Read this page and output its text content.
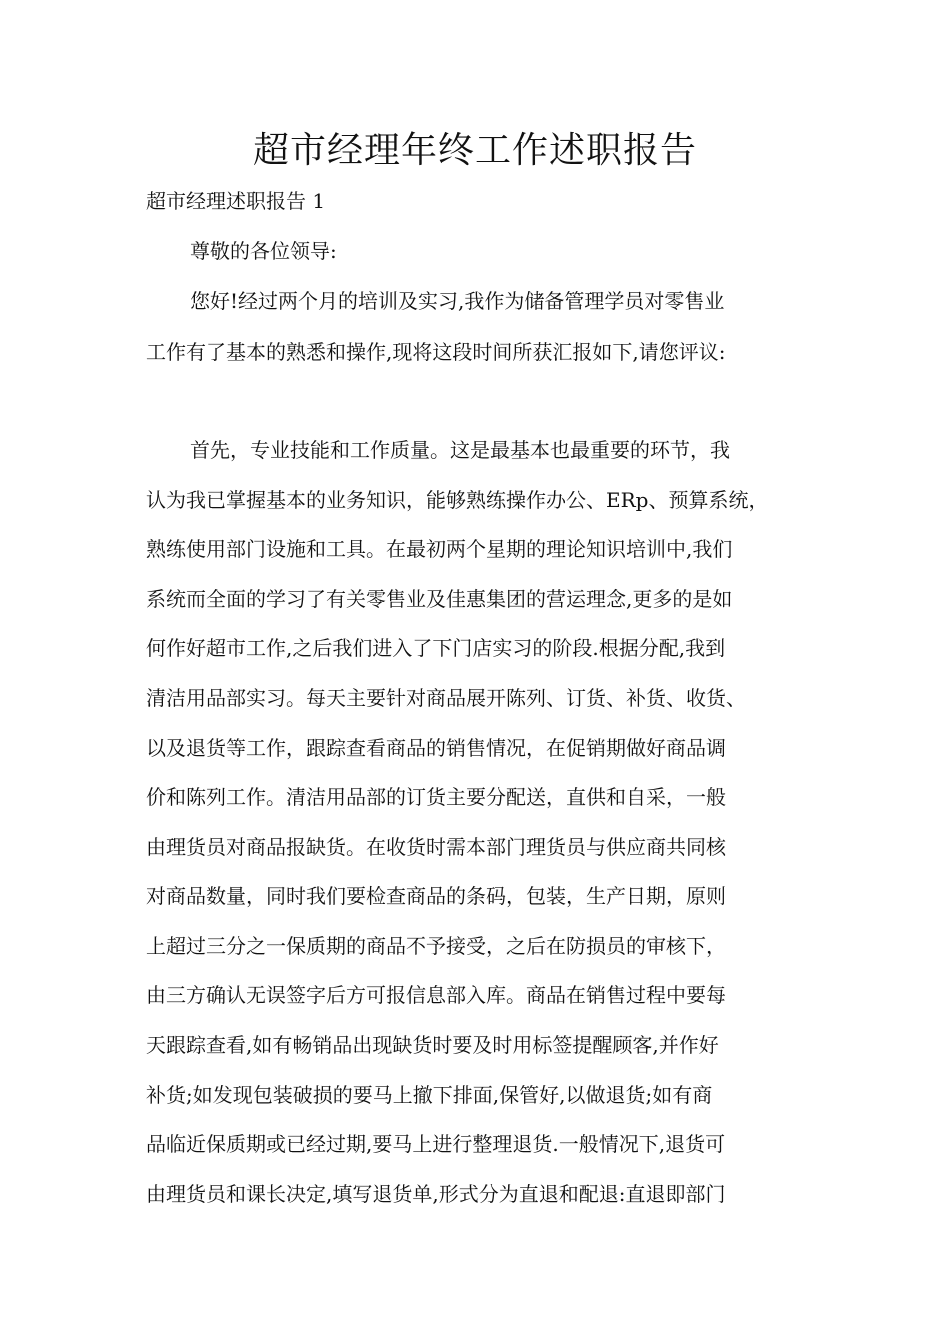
超市经理年终工作述职报告

超市经理述职报告 1

尊敬的各位领导:

您好!经过两个月的培训及实习,我作为储备管理学员对零售业

工作有了基本的熟悉和操作,现将这段时间所获汇报如下,请您评议:

首先，专业技能和工作质量。这是最基本也最重要的环节，我

认为我已掌握基本的业务知识，能够熟练操作办公、ERp、预算系统，

熟练使用部门设施和工具。在最初两个星期的理论知识培训中,我们

系统而全面的学习了有关零售业及佳惠集团的营运理念,更多的是如

何作好超市工作,之后我们进入了下门店实习的阶段.根据分配,我到

清洁用品部实习。每天主要针对商品展开陈列、订货、补货、收货、

以及退货等工作，跟踪查看商品的销售情况，在促销期做好商品调

价和陈列工作。清洁用品部的订货主要分配送，直供和自采，一般

由理货员对商品报缺货。在收货时需本部门理货员与供应商共同核

对商品数量，同时我们要检查商品的条码，包装，生产日期，原则

上超过三分之一保质期的商品不予接受，之后在防损员的审核下，

由三方确认无误签字后方可报信息部入库。商品在销售过程中要每

天跟踪查看,如有畅销品出现缺货时要及时用标签提醒顾客,并作好

补货;如发现包装破损的要马上撤下排面,保管好,以做退货;如有商

品临近保质期或已经过期,要马上进行整理退货.一般情况下,退货可

由理货员和课长决定,填写退货单,形式分为直退和配退:直退即部门
